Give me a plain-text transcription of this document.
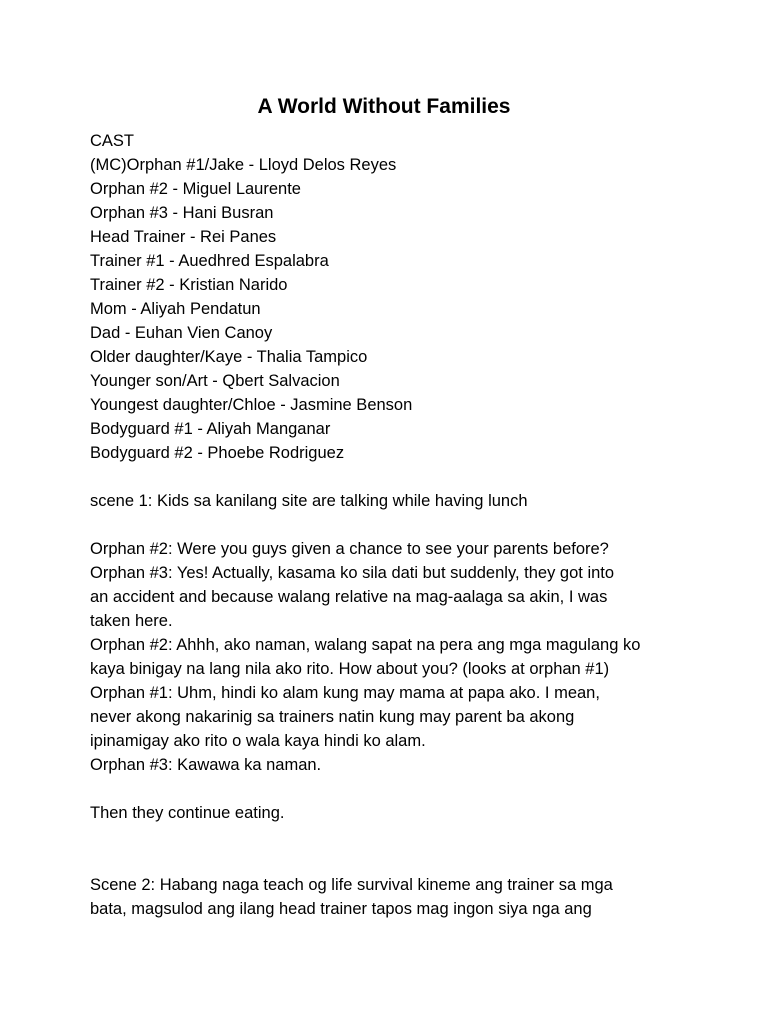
A World Without Families

CAST

(MC)Orphan #1/Jake - Lloyd Delos Reyes

Orphan #2 - Miguel Laurente

Orphan #3 - Hani Busran

Head Trainer - Rei Panes

Trainer #1 - Auedhred Espalabra

Trainer #2 - Kristian Narido

Mom - Aliyah Pendatun

Dad - Euhan Vien Canoy

Older daughter/Kaye - Thalia Tampico

Younger son/Art - Qbert Salvacion

Youngest daughter/Chloe - Jasmine Benson

Bodyguard #1 - Aliyah Manganar

Bodyguard #2 - Phoebe Rodriguez

scene 1: Kids sa kanilang site are talking while having lunch

Orphan #2: Were you guys given a chance to see your parents before?

Orphan #3: Yes! Actually, kasama ko sila dati but suddenly, they got into

an accident and because walang relative na mag-aalaga sa akin, I was

taken here.

Orphan #2: Ahhh, ako naman, walang sapat na pera ang mga magulang ko

kaya binigay na lang nila ako rito. How about you? (looks at orphan #1)

Orphan #1: Uhm, hindi ko alam kung may mama at papa ako. I mean,

never akong nakarinig sa trainers natin kung may parent ba akong

ipinamigay ako rito o wala kaya hindi ko alam.

Orphan #3: Kawawa ka naman.

Then they continue eating.

Scene 2: Habang naga teach og life survival kineme ang trainer sa mga

bata, magsulod ang ilang head trainer tapos mag ingon siya nga ang
